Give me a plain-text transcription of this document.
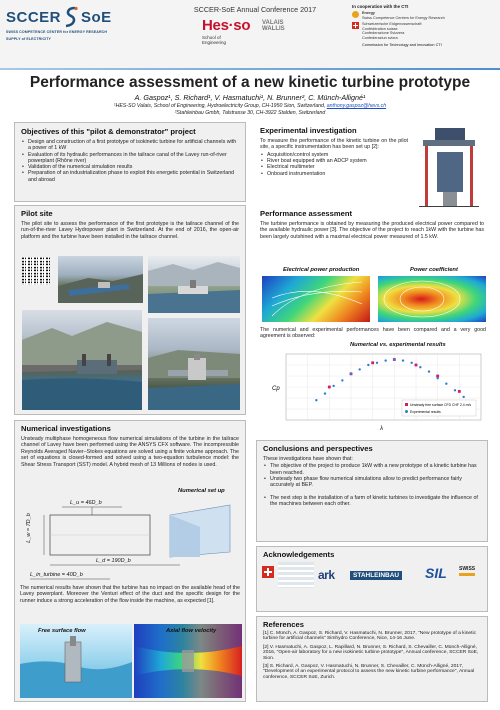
SCCER SoE
SWISS COMPETENCE CENTER for ENERGY RESEARCH
SUPPLY of ELECTRICITY
SCCER-SoE Annual Conference 2017
Hes·so	VALAIS
WALLIS
School of
Engineering
In cooperation with the CTI
Energy
Swiss Competence Centers for Energy Research
Schweizerische Eidgenossenschaft
Confédération suisse
Confederazione Svizzera
Confederaziun svizra
Commission for Technology and Innovation CTI
Performance assessment of a new kinetic turbine prototype
A. Gaspoz¹, S. Richard¹, V. Hasmatuchi¹, N. Brunner², C. Münch-Alligné¹
¹HES-SO Valais, School of Engineering, Hydroelectricity Group, CH-1950 Sion, Switzerland, anthony.gaspoz@hevs.ch
²Stahleinbau Gmbh, Talstrasse 30, CH-3922 Stalden, Switzerland
Objectives of this "pilot & demonstrator" project
• Design and construction of a first prototype of isokinetic turbine for artificial channels with a power of 1 kW
• Evaluation of its hydraulic performances in the tailrace canal of the Lavey run-of-river powerplant (Rhône river)
• Validation of the numerical simulation results
• Preparation of an industrialization phase to exploit this energetic potential in Switzerland and abroad
Pilot site
The pilot site to assess the performance of the first prototype is the tailrace channel of the run-of-the-river Lavey Hydropower plant in Switzerland. At the end of 2016, the open-air platform and the turbine have been installed in the tailrace channel.
Numerical investigations
Unsteady multiphase homogeneous flow numerical simulations of the turbine in the tailrace channel of Lavey have been performed using the ANSYS CFX software. The incompressible Reynolds Averaged Navier–Stokes equations are solved using a finite volume approach. The set of equations is closed-formed and solved using a two-equation turbulence model: the Shear Stress Transport (SST) model. A hybrid mesh of 13 Millions of nodes is used.
Numerical set up
L_u = 46D_b
L_w = 7D_b
L_d = 190D_b
L_in_turbine = 40D_b
The numerical results have shown that the turbine has no impact on the available head of the Lavey powerplant. Moreover the Venturi effect of the duct and the specific design for the runner induce a strong acceleration of the flow inside the machine, as expected [1].
Free surface flow	Axial flow velocity
Experimental investigation
To measure the performance of the kinetic turbine on the pilot site, a specific instrumentation has been set up [2]:
• Acquisition/control system
• River boat equipped with an ADCP system
• Electrical multimeter
• Onboard instrumentation
Performance assessment
The turbine performance is obtained by measuring the produced electrical power compared to the available hydraulic power [3]. The objective of the project to reach 1kW with the turbine has been largely outshined with a maximal electrical power measured of 1.5 kW.
Electrical power production	Power coefficient
The numerical and experimental performances have been compared and a very good agreement is observed:
Numerical vs. experimental results
Cp
λ
Unsteady free surface CFD CHF 2.4 m/s
Experimental results
Conclusions and perspectives
These investigations have shown that:
• The objective of the project to produce 1kW with a new prototype of a kinetic turbine has been reached.
• Unsteady two phase flow numerical simulations allow to predict performance fairly accurately at BEP.
• The next step is the installation of a farm of kinetic turbines to investigate the influence of the machines between each other.
Acknowledgements
ark	STAHLEINBAU SIL SWISS
References
[1] C. Münch, A. Gaspoz, S. Richard, V. Hasmatuchi, N. Brunner, 2017, "New prototype of a kinetic turbine for artificial channels" Simhydro Conference, Nice, 14-16 June.
[2] V. Hasmatuchi, A. Gaspoz, L. Rapillard, N. Brunner, S. Richard, S. Chevailler, C. Münch-Alligné, 2016, "Open-air laboratory for a new isokinetic turbine prototype", Annual conference, SCCER SoE, Sion.
[3] S. Richard, A. Gaspoz, V. Hasmatuchi, N. Brunner, S. Chevailler, C. Münch-Alligné, 2017, "Development of an experimental protocol to assess the new kinetic turbine performance", Annual conference, SCCER SoE, Zurich.
